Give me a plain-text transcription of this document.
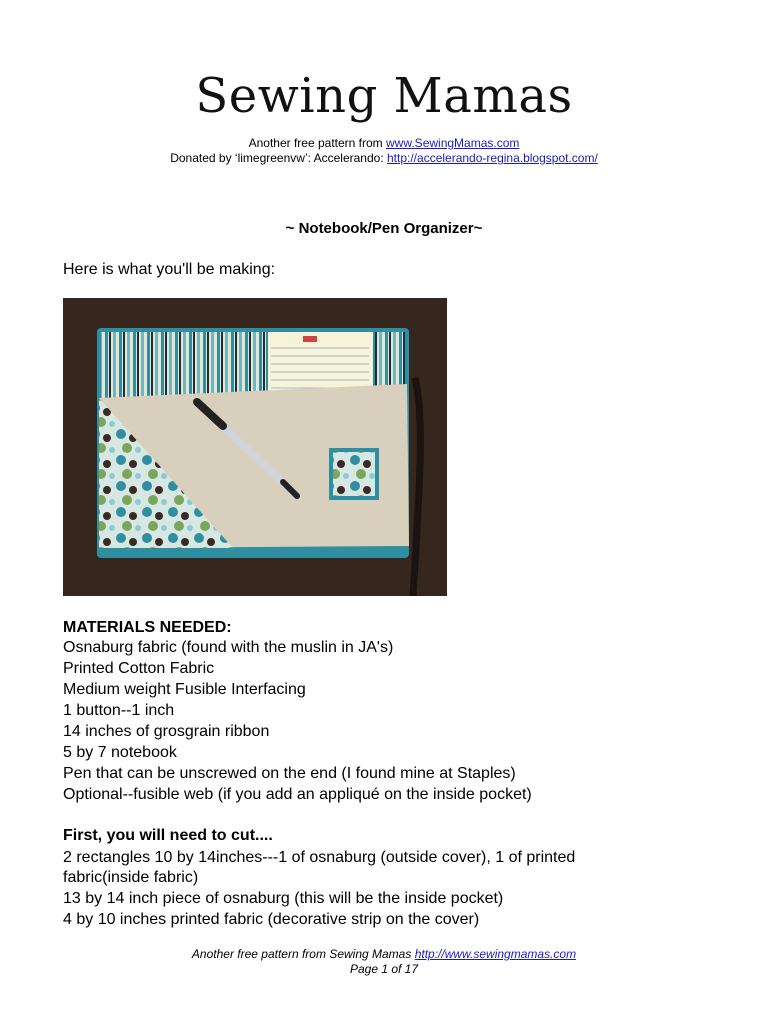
Sewing Mamas
Another free pattern from www.SewingMamas.com
Donated by ‘limegreenvw’: Accelerando: http://accelerando-regina.blogspot.com/
~ Notebook/Pen Organizer~
Here is what you'll be making:
MATERIALS NEEDED:
Osnaburg fabric (found with the muslin in JA's)
Printed Cotton Fabric
Medium weight Fusible Interfacing
1 button--1 inch
14 inches of grosgrain ribbon
5 by 7 notebook
Pen that can be unscrewed on the end (I found mine at Staples)
Optional--fusible web (if you add an appliqué on the inside pocket)
First, you will need to cut....
2 rectangles 10 by 14inches---1 of osnaburg (outside cover), 1 of printed
fabric(inside fabric)
13 by 14 inch piece of osnaburg (this will be the inside pocket)
4 by 10 inches printed fabric (decorative strip on the cover)
Another free pattern from Sewing Mamas http://www.sewingmamas.com
Page 1 of 17
